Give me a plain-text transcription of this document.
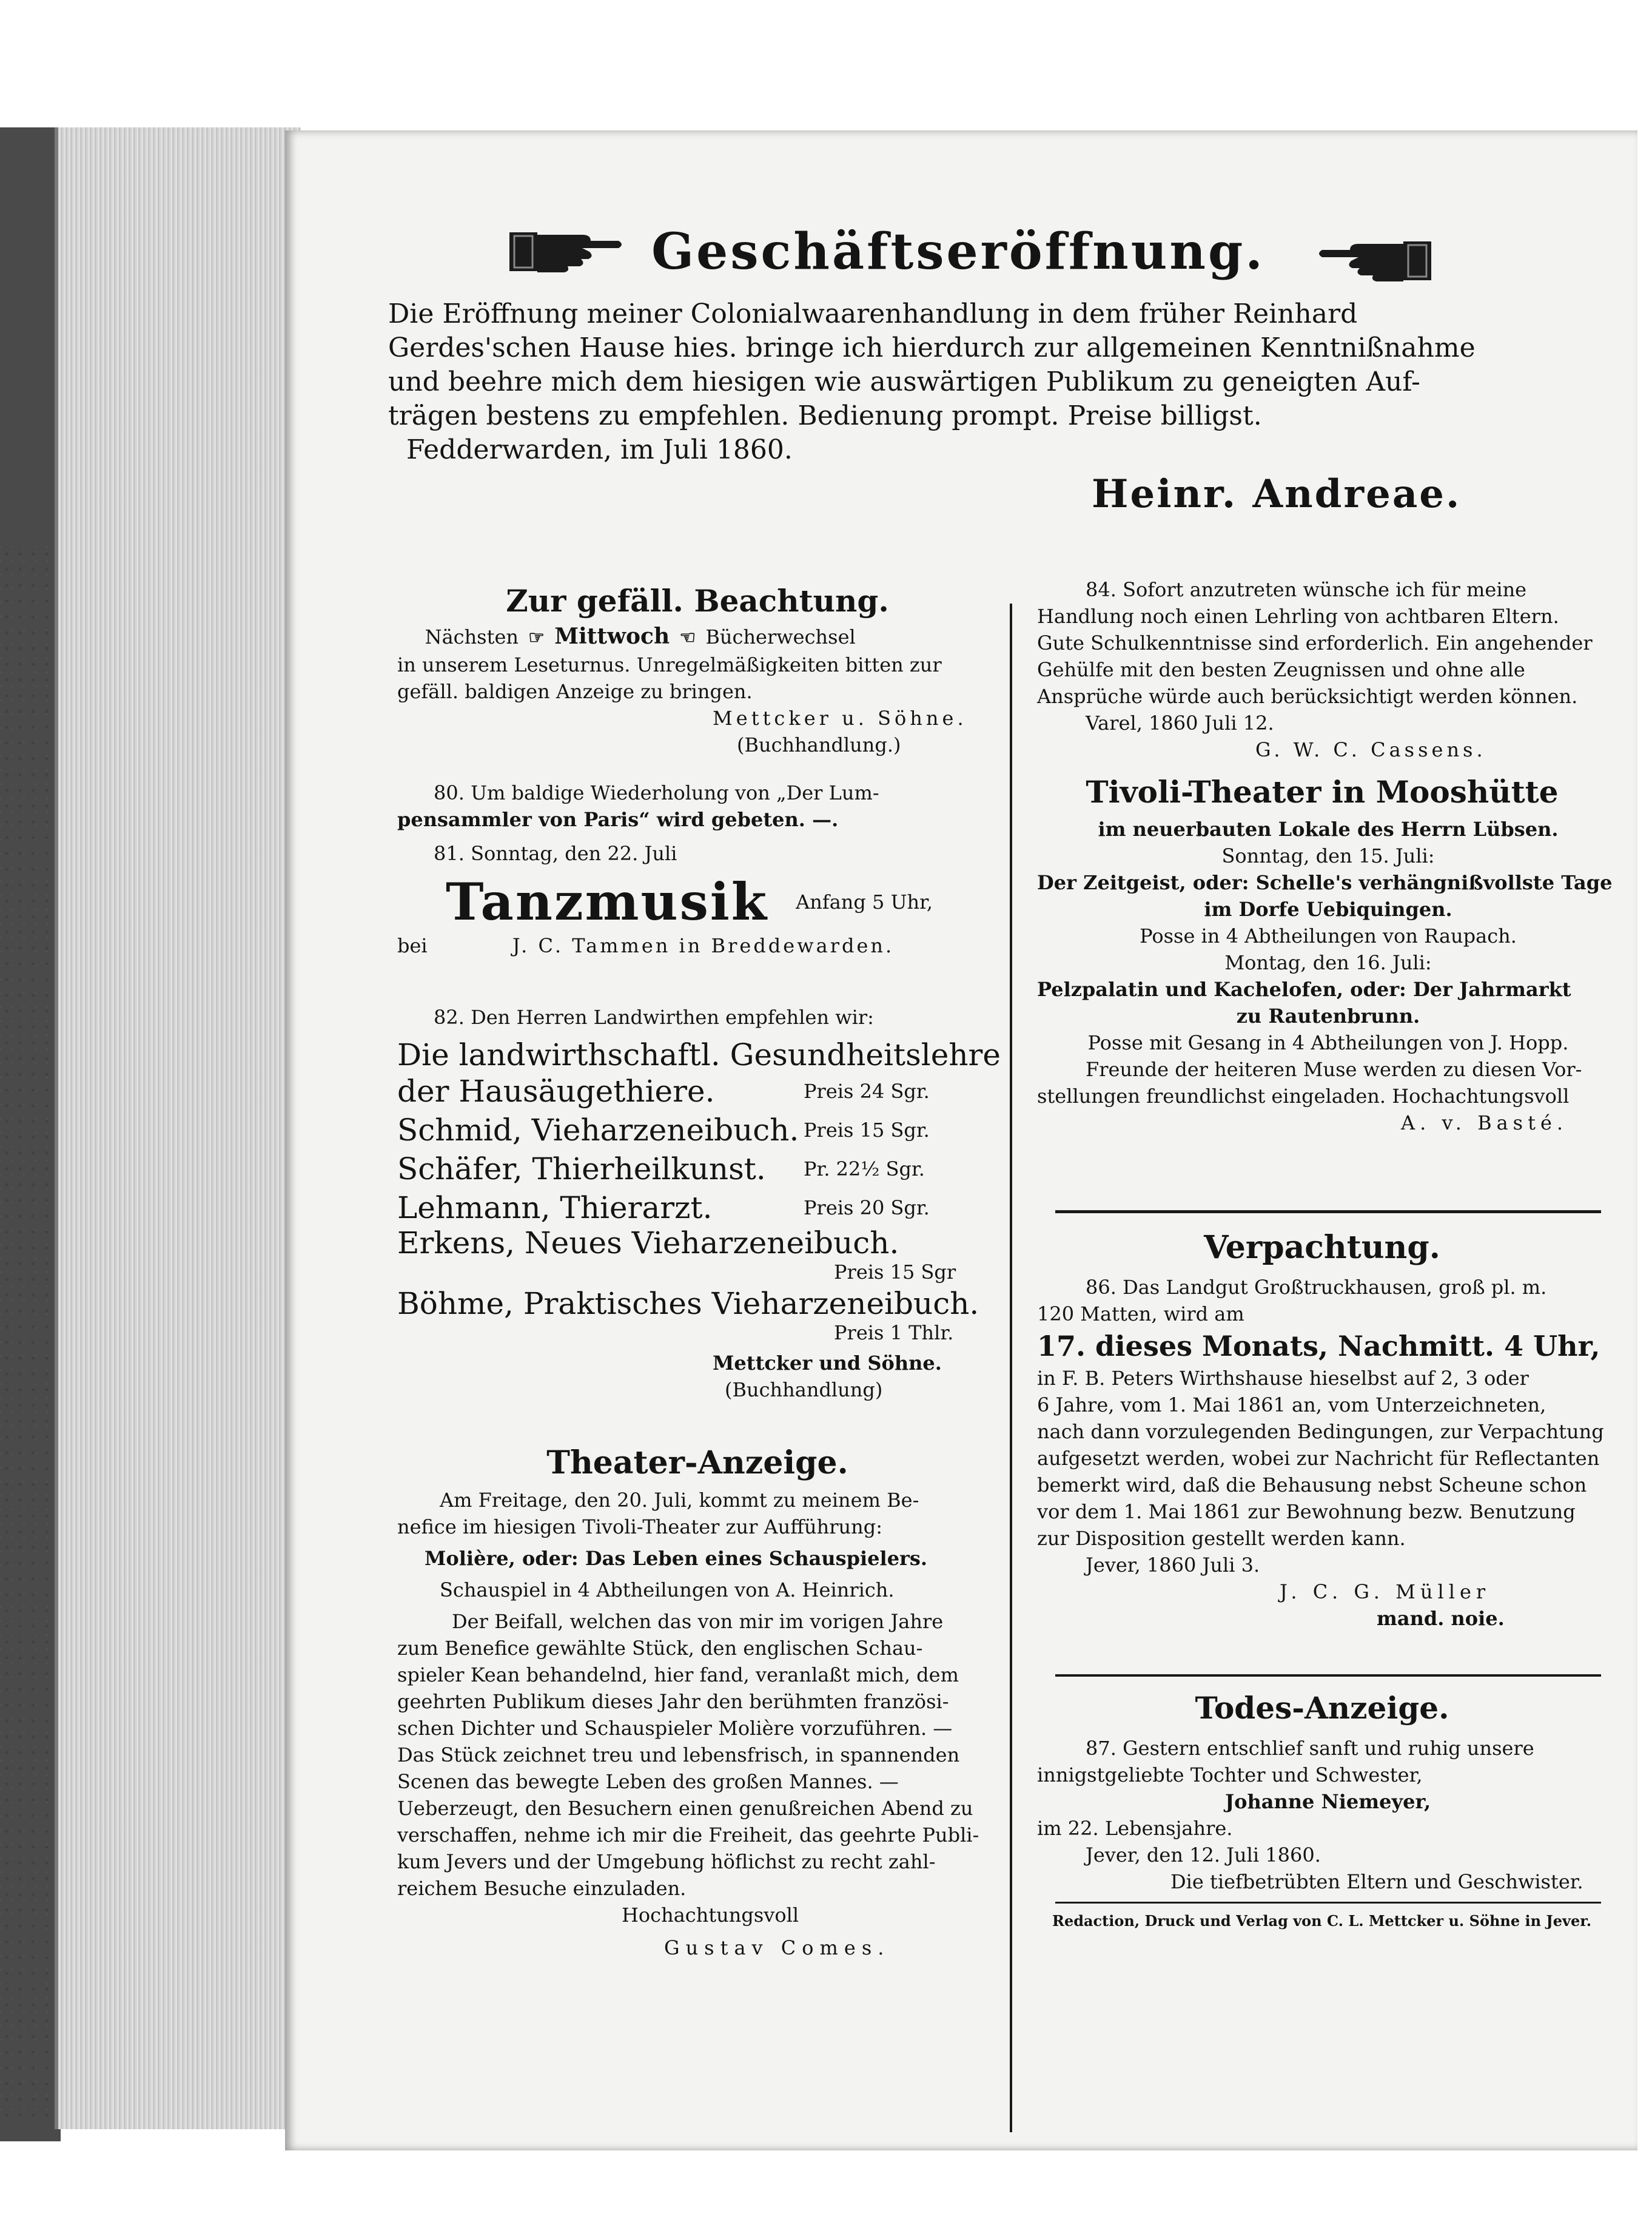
Geschäftseröffnung.
Die Eröffnung meiner Colonialwaarenhandlung in dem früher Reinhard
Gerdes'schen Hause hies. bringe ich hierdurch zur allgemeinen Kenntnißnahme
und beehre mich dem hiesigen wie auswärtigen Publikum zu geneigten Auf-
trägen bestens zu empfehlen. Bedienung prompt. Preise billigst.
Fedderwarden, im Juli 1860.
Heinr. Andreae.
Zur gefäll. Beachtung.
Nächsten ☞ Mittwoch ☜ Bücherwechsel
in unserem Leseturnus. Unregelmäßigkeiten bitten zur
gefäll. baldigen Anzeige zu bringen.
Mettcker u. Söhne.
(Buchhandlung.)
80. Um baldige Wiederholung von „Der Lum-
pensammler von Paris“ wird gebeten. —.
81. Sonntag, den 22. Juli
Tanzmusik Anfang 5 Uhr,
bei	J. C. Tammen in Breddewarden.
82. Den Herren Landwirthen empfehlen wir:
Die landwirthschaftl. Gesundheitslehre
der Hausäugethiere.	Preis 24 Sgr.
Schmid, Vieharzeneibuch. Preis 15 Sgr.
Schäfer, Thierheilkunst. Pr. 22½ Sgr.
Lehmann, Thierarzt.	Preis 20 Sgr.
Erkens, Neues Vieharzeneibuch.
Preis 15 Sgr
Böhme, Praktisches Vieharzeneibuch.
Preis 1 Thlr.
Mettcker und Söhne.
(Buchhandlung)
Theater-Anzeige.
Am Freitage, den 20. Juli, kommt zu meinem Be-
nefice im hiesigen Tivoli-Theater zur Aufführung:
Molière, oder: Das Leben eines Schauspielers.
Schauspiel in 4 Abtheilungen von A. Heinrich.
Der Beifall, welchen das von mir im vorigen Jahre
zum Benefice gewählte Stück, den englischen Schau-
spieler Kean behandelnd, hier fand, veranlaßt mich, dem
geehrten Publikum dieses Jahr den berühmten französi-
schen Dichter und Schauspieler Molière vorzuführen. —
Das Stück zeichnet treu und lebensfrisch, in spannenden
Scenen das bewegte Leben des großen Mannes. —
Ueberzeugt, den Besuchern einen genußreichen Abend zu
verschaffen, nehme ich mir die Freiheit, das geehrte Publi-
kum Jevers und der Umgebung höflichst zu recht zahl-
reichem Besuche einzuladen.
Hochachtungsvoll
Gustav Comes.
84. Sofort anzutreten wünsche ich für meine
Handlung noch einen Lehrling von achtbaren Eltern.
Gute Schulkenntnisse sind erforderlich. Ein angehender
Gehülfe mit den besten Zeugnissen und ohne alle
Ansprüche würde auch berücksichtigt werden können.
Varel, 1860 Juli 12.
G. W. C. Cassens.
Tivoli-Theater in Mooshütte
im neuerbauten Lokale des Herrn Lübsen.
Sonntag, den 15. Juli:
Der Zeitgeist, oder: Schelle's verhängnißvollste Tage
im Dorfe Uebiquingen.
Posse in 4 Abtheilungen von Raupach.
Montag, den 16. Juli:
Pelzpalatin und Kachelofen, oder: Der Jahrmarkt
zu Rautenbrunn.
Posse mit Gesang in 4 Abtheilungen von J. Hopp.
Freunde der heiteren Muse werden zu diesen Vor-
stellungen freundlichst eingeladen. Hochachtungsvoll
A. v. Basté.
Verpachtung.
86. Das Landgut Großtruckhausen, groß pl. m.
120 Matten, wird am
17. dieses Monats, Nachmitt. 4 Uhr,
in F. B. Peters Wirthshause hieselbst auf 2, 3 oder
6 Jahre, vom 1. Mai 1861 an, vom Unterzeichneten,
nach dann vorzulegenden Bedingungen, zur Verpachtung
aufgesetzt werden, wobei zur Nachricht für Reflectanten
bemerkt wird, daß die Behausung nebst Scheune schon
vor dem 1. Mai 1861 zur Bewohnung bezw. Benutzung
zur Disposition gestellt werden kann.
Jever, 1860 Juli 3.
J. C. G. Müller
mand. noie.
Todes-Anzeige.
87. Gestern entschlief sanft und ruhig unsere
innigstgeliebte Tochter und Schwester,
Johanne Niemeyer,
im 22. Lebensjahre.
Jever, den 12. Juli 1860.
Die tiefbetrübten Eltern und Geschwister.
Redaction, Druck und Verlag von C. L. Mettcker u. Söhne in Jever.
